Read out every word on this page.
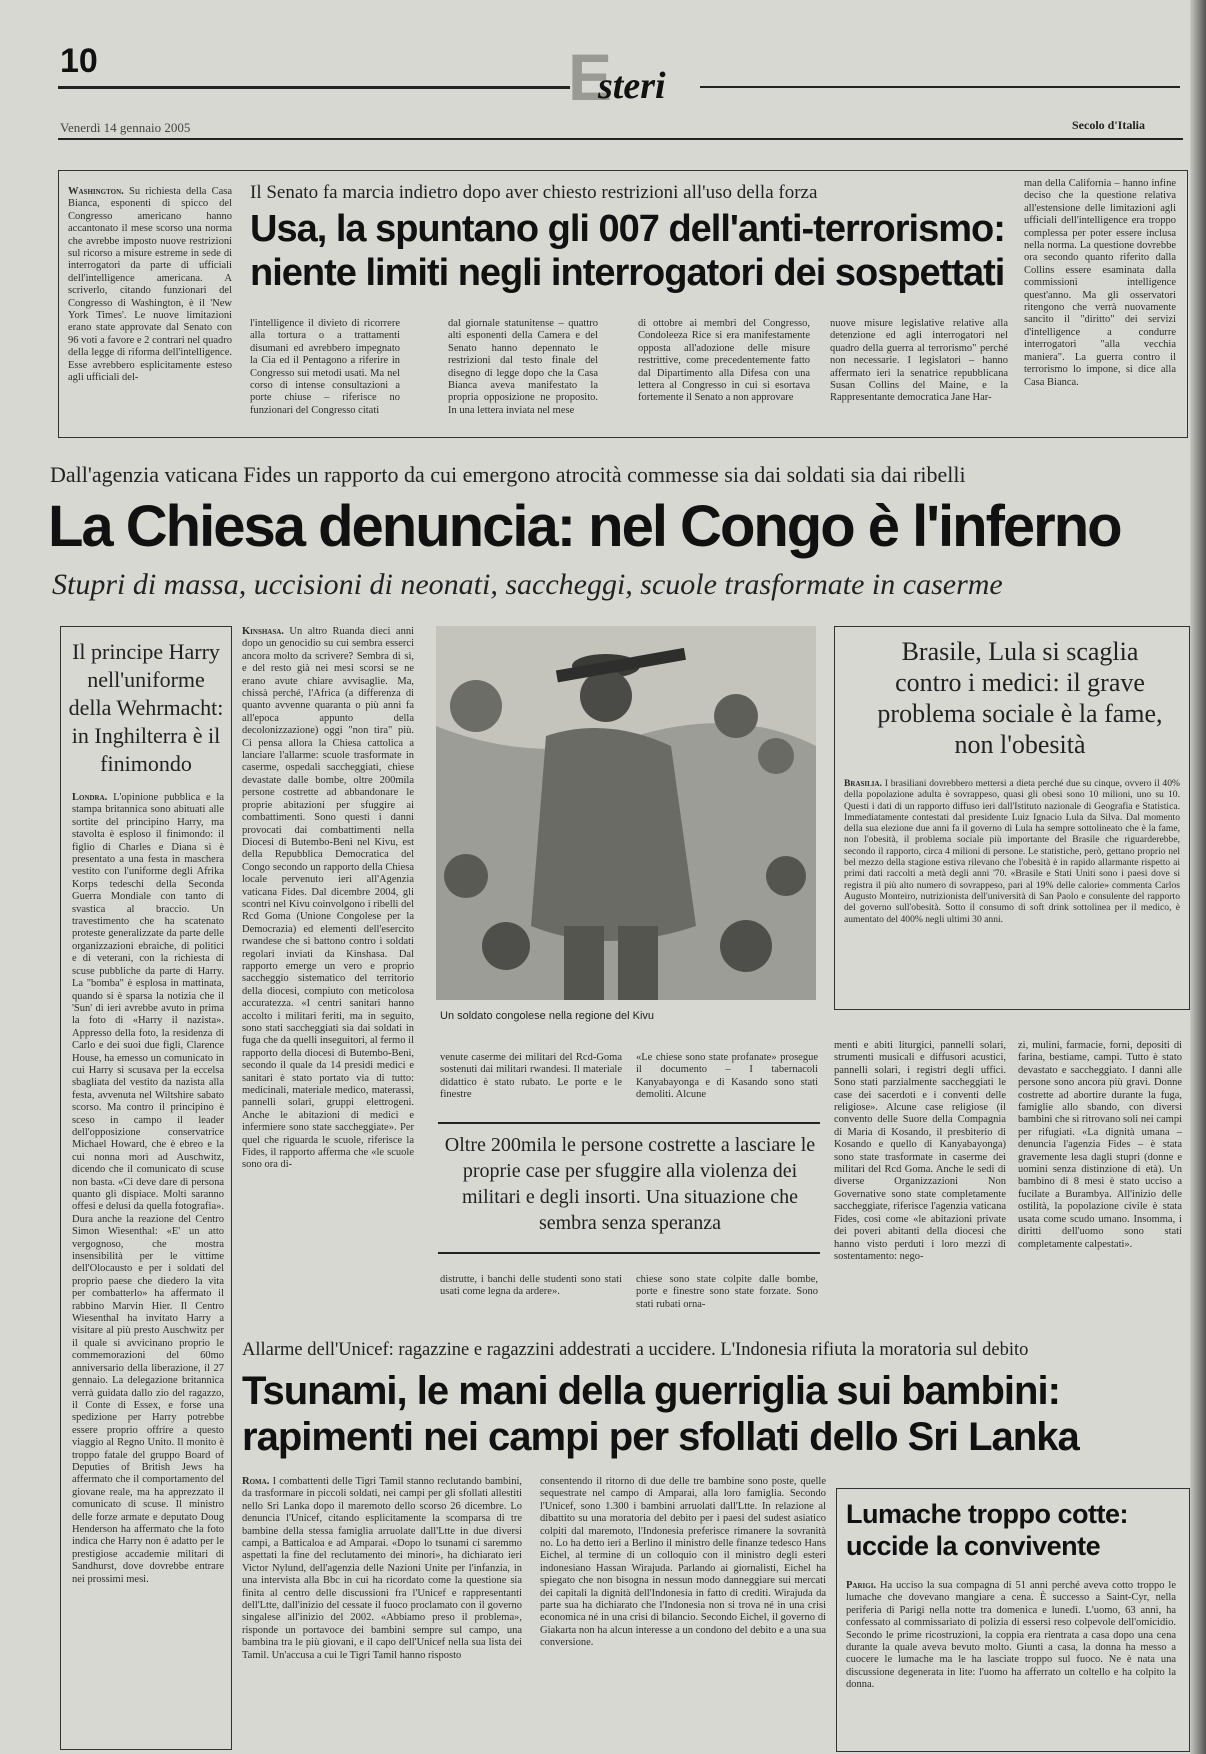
10	E
steri
Venerdì 14 gennaio 2005	Secolo d'Italia
Washington. Su richiesta della Casa Bianca, esponenti di spicco del Congresso americano hanno accantonato il mese scorso una norma che avrebbe imposto nuove restrizioni sul ricorso a misure estreme in sede di interrogatori da parte di ufficiali dell'intelligence americana. A scriverlo, citando funzionari del Congresso di Washington, è il 'New York Times'. Le nuove limitazioni erano state approvate dal Senato con 96 voti a favore e 2 contrari nel quadro della legge di riforma dell'intelligence. Esse avrebbero esplicitamente esteso agli ufficiali del-
Il Senato fa marcia indietro dopo aver chiesto restrizioni all'uso della forza
Usa, la spuntano gli 007 dell'anti-terrorismo:
niente limiti negli interrogatori dei sospettati
l'intelligence il divieto di ricorrere alla tortura o a trattamenti disumani ed avrebbero impegnato la Cia ed il Pentagono a riferire in Congresso sui metodi usati. Ma nel corso di intense consultazioni a porte chiuse – riferisce no funzionari del Congresso citati
dal giornale statunitense – quattro alti esponenti della Camera e del Senato hanno depennato le restrizioni dal testo finale del disegno di legge dopo che la Casa Bianca aveva manifestato la propria opposizione ne proposito. In una lettera inviata nel mese
di ottobre ai membri del Congresso, Condoleeza Rice si era manifestamente opposta all'adozione delle misure restrittive, come precedentemente fatto dal Dipartimento alla Difesa con una lettera al Congresso in cui si esortava fortemente il Senato a non approvare
nuove misure legislative relative alla detenzione ed agli interrogatori nel quadro della guerra al terrorismo" perché non necessarie. I legislatori – hanno affermato ieri la senatrice repubblicana Susan Collins del Maine, e la Rappresentante democratica Jane Har-
man della California – hanno infine deciso che la questione relativa all'estensione delle limitazioni agli ufficiali dell'intelligence era troppo complessa per poter essere inclusa nella norma. La questione dovrebbe ora secondo quanto riferito dalla Collins essere esaminata dalla commissioni intelligence quest'anno. Ma gli osservatori ritengono che verrà nuovamente sancito il "diritto" dei servizi d'intelligence a condurre interrogatori "alla vecchia maniera". La guerra contro il terrorismo lo impone, si dice alla Casa Bianca.
Dall'agenzia vaticana Fides un rapporto da cui emergono atrocità commesse sia dai soldati sia dai ribelli
La Chiesa denuncia: nel Congo è l'inferno
Stupri di massa, uccisioni di neonati, saccheggi, scuole trasformate in caserme
Il principe Harry nell'uniforme della Wehrmacht: in Inghilterra è il finimondo
Londra. L'opinione pubblica e la stampa britannica sono abituati alle sortite del principino Harry, ma stavolta è esploso il finimondo: il figlio di Charles e Diana si è presentato a una festa in maschera vestito con l'uniforme degli Afrika Korps tedeschi della Seconda Guerra Mondiale con tanto di svastica al braccio. Un travestimento che ha scatenato proteste generalizzate da parte delle organizzazioni ebraiche, di politici e di veterani, con la richiesta di scuse pubbliche da parte di Harry. La "bomba" è esplosa in mattinata, quando si è sparsa la notizia che il 'Sun' di ieri avrebbe avuto in prima la foto di «Harry il nazista». Appresso della foto, la residenza di Carlo e dei suoi due figli, Clarence House, ha emesso un comunicato in cui Harry si scusava per la eccelsa sbagliata del vestito da nazista alla festa, avvenuta nel Wiltshire sabato scorso. Ma contro il principino è sceso in campo il leader dell'opposizione conservatrice Michael Howard, che è ebreo e la cui nonna morì ad Auschwitz, dicendo che il comunicato di scuse non basta. «Ci deve dare di persona quanto gli dispiace. Molti saranno offesi e delusi da quella fotografia». Dura anche la reazione del Centro Simon Wiesenthal: «E' un atto vergognoso, che mostra insensibilità per le vittime dell'Olocausto e per i soldati del proprio paese che diedero la vita per combatterlo» ha affermato il rabbino Marvin Hier. Il Centro Wiesenthal ha invitato Harry a visitare al più presto Auschwitz per il quale si avvicinano proprio le commemorazioni del 60mo anniversario della liberazione, il 27 gennaio. La delegazione britannica verrà guidata dallo zio del ragazzo, il Conte di Essex, e forse una spedizione per Harry potrebbe essere proprio offrire a questo viaggio al Regno Unito. Il monito è troppo fatale del gruppo Board of Deputies of British Jews ha affermato che il comportamento del giovane reale, ma ha apprezzato il comunicato di scuse. Il ministro delle forze armate e deputato Doug Henderson ha affermato che la foto indica che Harry non è adatto per le prestigiose accademie militari di Sandhurst, dove dovrebbe entrare nei prossimi mesi.
Kinshasa. Un altro Ruanda dieci anni dopo un genocidio su cui sembra esserci ancora molto da scrivere? Sembra di sì, e del resto già nei mesi scorsi se ne erano avute chiare avvisaglie. Ma, chissà perché, l'Africa (a differenza di quanto avvenne quaranta o più anni fa all'epoca appunto della decolonizzazione) oggi "non tira" più. Ci pensa allora la Chiesa cattolica a lanciare l'allarme: scuole trasformate in caserme, ospedali saccheggiati, chiese devastate dalle bombe, oltre 200mila persone costrette ad abbandonare le proprie abitazioni per sfuggire ai combattimenti. Sono questi i danni provocati dai combattimenti nella Diocesi di Butembo-Beni nel Kivu, est della Repubblica Democratica del Congo secondo un rapporto della Chiesa locale pervenuto ieri all'Agenzia vaticana Fides. Dal dicembre 2004, gli scontri nel Kivu coinvolgono i ribelli del Rcd Goma (Unione Congolese per la Democrazia) ed elementi dell'esercito rwandese che si battono contro i soldati regolari inviati da Kinshasa. Dal rapporto emerge un vero e proprio saccheggio sistematico del territorio della diocesi, compiuto con meticolosa accuratezza. «I centri sanitari hanno accolto i militari feriti, ma in seguito, sono stati saccheggiati sia dai soldati in fuga che da quelli inseguitori, al fermo il rapporto della diocesi di Butembo-Beni, secondo il quale da 14 presidi medici e sanitari è stato portato via di tutto: medicinali, materiale medico, materassi, pannelli solari, gruppi elettrogeni. Anche le abitazioni di medici e infermiere sono state saccheggiate». Per quel che riguarda le scuole, riferisce la Fides, il rapporto afferma che «le scuole sono ora di-
Un soldato congolese nella regione del Kivu
Brasile, Lula si scaglia contro i medici: il grave problema sociale è la fame, non l'obesità
Brasilia. I brasiliani dovrebbero mettersi a dieta perché due su cinque, ovvero il 40% della popolazione adulta è sovrappeso, quasi gli obesi sono 10 milioni, uno su 10. Questi i dati di un rapporto diffuso ieri dall'Istituto nazionale di Geografia e Statistica. Immediatamente contestati dal presidente Luiz Ignacio Lula da Silva. Dal momento della sua elezione due anni fa il governo di Lula ha sempre sottolineato che è la fame, non l'obesità, il problema sociale più importante del Brasile che riguarderebbe, secondo il rapporto, circa 4 milioni di persone. Le statistiche, però, gettano proprio nel bel mezzo della stagione estiva rilevano che l'obesità è in rapido allarmante rispetto ai primi dati raccolti a metà degli anni '70. «Brasile e Stati Uniti sono i paesi dove si registra il più alto numero di sovrappeso, pari al 19% delle calorie» commenta Carlos Augusto Monteiro, nutrizionista dell'università di San Paolo e consulente del rapporto del governo sull'obesità. Sotto il consumo di soft drink sottolinea per il medico, è aumentato del 400% negli ultimi 30 anni.
venute caserme dei militari del Rcd-Goma sostenuti dai militari rwandesi. Il materiale didattico è stato rubato. Le porte e le finestre
«Le chiese sono state profanate» prosegue il documento – I tabernacoli Kanyabayonga e di Kasando sono stati demoliti. Alcune
menti e abiti liturgici, pannelli solari, strumenti musicali e diffusori acustici, pannelli solari, i registri degli uffici. Sono stati parzialmente saccheggiati le case dei sacerdoti e i conventi delle religiose». Alcune case religiose (il convento delle Suore della Compagnia di Maria di Kosando, il presbiterio di Kosando e quello di Kanyabayonga) sono state trasformate in caserme dei militari del Rcd Goma. Anche le sedi di diverse Organizzazioni Non Governative sono state completamente saccheggiate, riferisce l'agenzia vaticana Fides, così come «le abitazioni private dei poveri abitanti della diocesi che hanno visto perduti i loro mezzi di sostentamento: nego-
zi, mulini, farmacie, forni, depositi di farina, bestiame, campi. Tutto è stato devastato e saccheggiato. I danni alle persone sono ancora più gravi. Donne costrette ad abortire durante la fuga, famiglie allo sbando, con diversi bambini che si ritrovano soli nei campi per rifugiati. «La dignità umana – denuncia l'agenzia Fides – è stata gravemente lesa dagli stupri (donne e uomini senza distinzione di età). Un bambino di 8 mesi è stato ucciso a fucilate a Burambya. All'inizio delle ostilità, la popolazione civile è stata usata come scudo umano. Insomma, i diritti dell'uomo sono stati completamente calpestati».
Oltre 200mila le persone costrette a lasciare le proprie case per sfuggire alla violenza dei militari e degli insorti. Una situazione che sembra senza speranza
distrutte, i banchi delle studenti sono stati usati come legna da ardere».
chiese sono state colpite dalle bombe, porte e finestre sono state forzate. Sono stati rubati orna-
Allarme dell'Unicef: ragazzine e ragazzini addestrati a uccidere. L'Indonesia rifiuta la moratoria sul debito
Tsunami, le mani della guerriglia sui bambini:
rapimenti nei campi per sfollati dello Sri Lanka
Roma. I combattenti delle Tigri Tamil stanno reclutando bambini, da trasformare in piccoli soldati, nei campi per gli sfollati allestiti nello Sri Lanka dopo il maremoto dello scorso 26 dicembre. Lo denuncia l'Unicef, citando esplicitamente la scomparsa di tre bambine della stessa famiglia arruolate dall'Ltte in due diversi campi, a Batticaloa e ad Amparai. «Dopo lo tsunami ci saremmo aspettati la fine del reclutamento dei minori», ha dichiarato ieri Victor Nylund, dell'agenzia delle Nazioni Unite per l'infanzia, in una intervista alla Bbc in cui ha ricordato come la questione sia finita al centro delle discussioni fra l'Unicef e rappresentanti dell'Ltte, dall'inizio del cessate il fuoco proclamato con il governo singalese all'inizio del 2002. «Abbiamo preso il problema», risponde un portavoce dei bambini sempre sul campo, una bambina tra le più giovani, e il capo dell'Unicef nella sua lista dei Tamil. Un'accusa a cui le Tigri Tamil hanno risposto
consentendo il ritorno di due delle tre bambine sono poste, quelle sequestrate nel campo di Amparai, alla loro famiglia. Secondo l'Unicef, sono 1.300 i bambini arruolati dall'Ltte. In relazione al dibattito su una moratoria del debito per i paesi del sudest asiatico colpiti dal maremoto, l'Indonesia preferisce rimanere la sovranità no. Lo ha detto ieri a Berlino il ministro delle finanze tedesco Hans Eichel, al termine di un colloquio con il ministro degli esteri indonesiano Hassan Wirajuda. Parlando ai giornalisti, Eichel ha spiegato che non bisogna in nessun modo danneggiare sui mercati dei capitali la dignità dell'Indonesia in fatto di crediti. Wirajuda da parte sua ha dichiarato che l'Indonesia non si trova né in una crisi economica né in una crisi di bilancio. Secondo Eichel, il governo di Giakarta non ha alcun interesse a un condono del debito e a una sua conversione.
Lumache troppo cotte: uccide la convivente
Parigi. Ha ucciso la sua compagna di 51 anni perché aveva cotto troppo le lumache che dovevano mangiare a cena. È successo a Saint-Cyr, nella periferia di Parigi nella notte tra domenica e lunedì. L'uomo, 63 anni, ha confessato al commissariato di polizia di essersi reso colpevole dell'omicidio. Secondo le prime ricostruzioni, la coppia era rientrata a casa dopo una cena durante la quale aveva bevuto molto. Giunti a casa, la donna ha messo a cuocere le lumache ma le ha lasciate troppo sul fuoco. Ne è nata una discussione degenerata in lite: l'uomo ha afferrato un coltello e ha colpito la donna.
